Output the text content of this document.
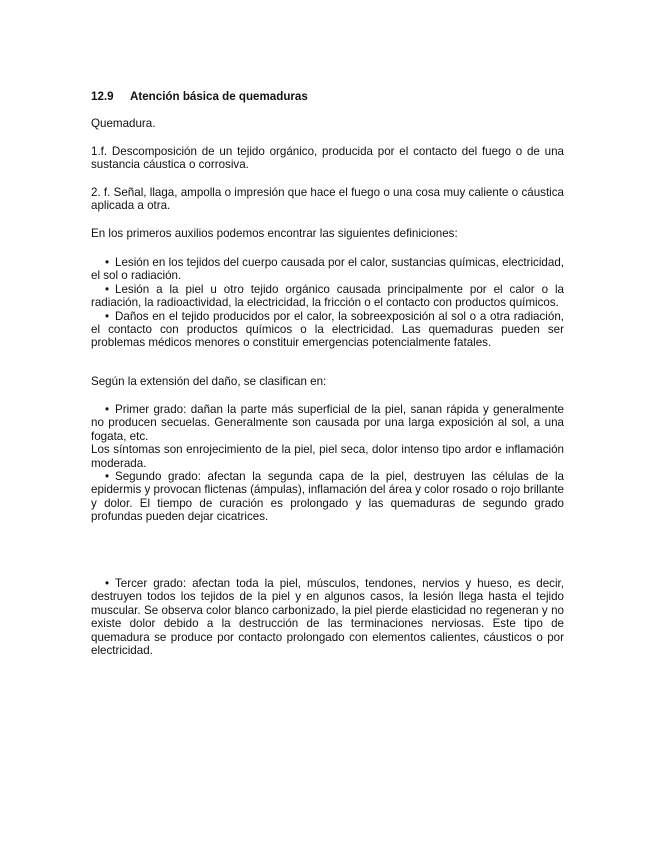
12.9	Atención básica de quemaduras

Quemadura.

1.f. Descomposición de un tejido orgánico, producida por el contacto del fuego o de una sustancia cáustica o corrosiva.

2. f. Señal, llaga, ampolla o impresión que hace el fuego o una cosa muy caliente o cáustica aplicada a otra.

En los primeros auxilios podemos encontrar las siguientes definiciones:

• Lesión en los tejidos del cuerpo causada por el calor, sustancias químicas, electricidad, el sol o radiación.

• Lesión a la piel u otro tejido orgánico causada principalmente por el calor o la radiación, la radioactividad, la electricidad, la fricción o el contacto con productos químicos.

• Daños en el tejido producidos por el calor, la sobreexposición al sol o a otra radiación, el contacto con productos químicos o la electricidad. Las quemaduras pueden ser problemas médicos menores o constituir emergencias potencialmente fatales.

Según la extensión del daño, se clasifican en:

• Primer grado: dañan la parte más superficial de la piel, sanan rápida y generalmente no producen secuelas. Generalmente son causada por una larga exposición al sol, a una fogata, etc.

Los síntomas son enrojecimiento de la piel, piel seca, dolor intenso tipo ardor e inflamación moderada.

• Segundo grado: afectan la segunda capa de la piel, destruyen las células de la epidermis y provocan flictenas (ámpulas), inflamación del área y color rosado o rojo brillante y dolor. El tiempo de curación es prolongado y las quemaduras de segundo grado profundas pueden dejar cicatrices.

• Tercer grado: afectan toda la piel, músculos, tendones, nervios y hueso, es decir, destruyen todos los tejidos de la piel y en algunos casos, la lesión llega hasta el tejido muscular. Se observa color blanco carbonizado, la piel pierde elasticidad no regeneran y no existe dolor debido a la destrucción de las terminaciones nerviosas. Este tipo de quemadura se produce por contacto prolongado con elementos calientes, cáusticos o por electricidad.
